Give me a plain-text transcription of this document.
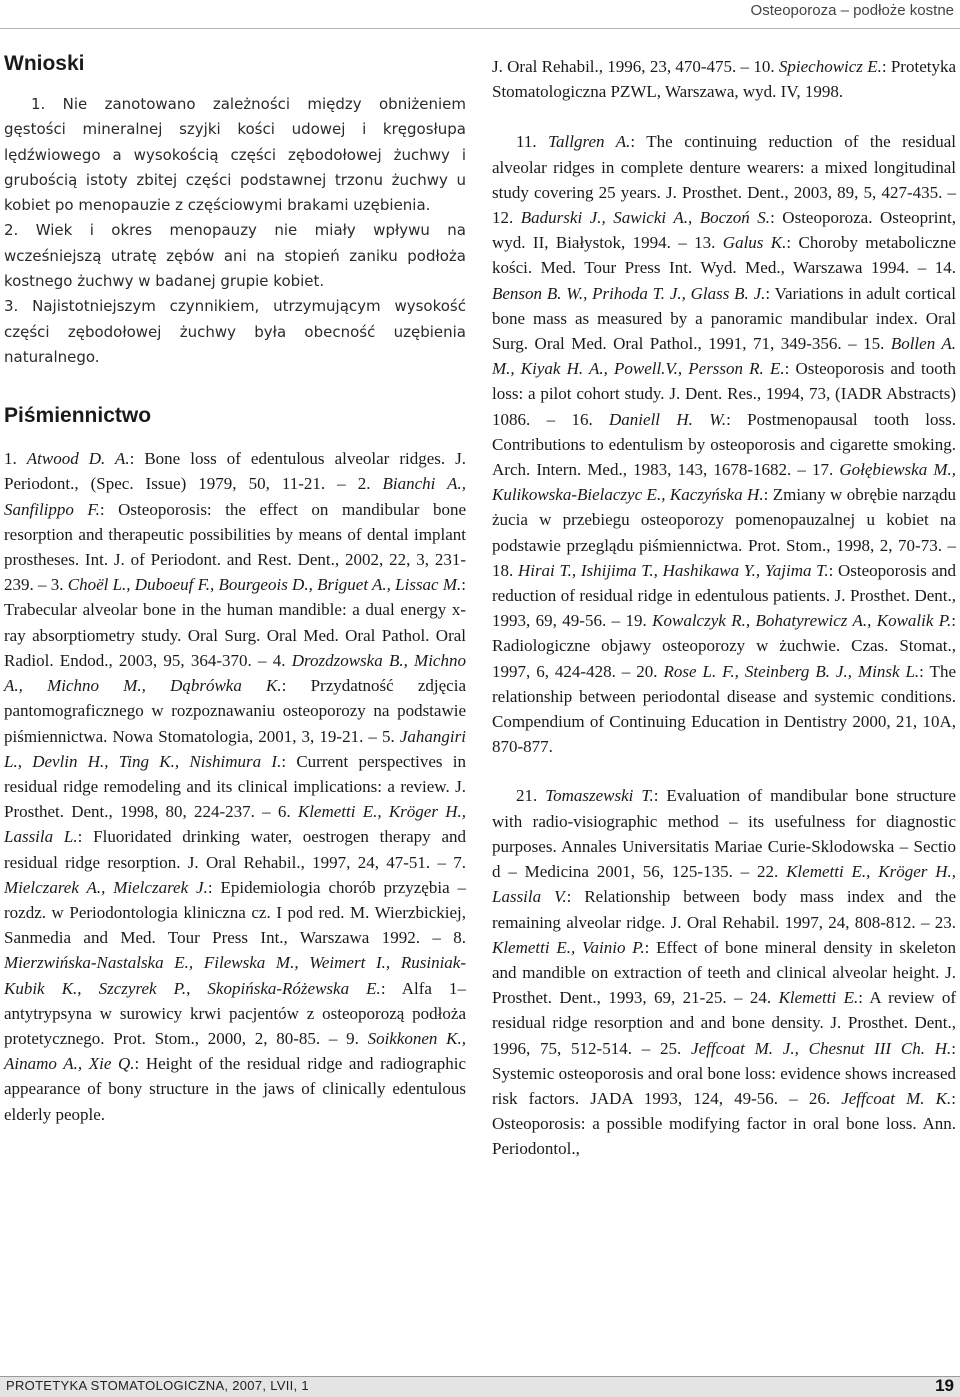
Osteoporoza – podłoże kostne
Wnioski

1. Nie zanotowano zależności między obniżeniem gęstości mineralnej szyjki kości udowej i kręgosłupa lędźwiowego a wysokością części zębodołowej żuchwy i grubością istoty zbitej części podstawnej trzonu żuchwy u kobiet po menopauzie z częściowymi brakami uzębienia.

2. Wiek i okres menopauzy nie miały wpływu na wcześniejszą utratę zębów ani na stopień zaniku podłoża kostnego żuchwy w badanej grupie kobiet.

3. Najistotniejszym czynnikiem, utrzymującym wysokość części zębodołowej żuchwy była obecność uzębienia naturalnego.

Piśmiennictwo

1. Atwood D. A.: Bone loss of edentulous alveolar ridges. J. Periodont., (Spec. Issue) 1979, 50, 11-21. – 2. Bianchi A., Sanfilippo F.: Osteoporosis: the effect on mandibular bone resorption and therapeutic possibilities by means of dental implant prostheses. Int. J. of Periodont. and Rest. Dent., 2002, 22, 3, 231-239. – 3. Choël L., Duboeuf F., Bourgeois D., Briguet A., Lissac M.: Trabecular alveolar bone in the human mandible: a dual energy x-ray absorptiometry study. Oral Surg. Oral Med. Oral Pathol. Oral Radiol. Endod., 2003, 95, 364-370. – 4. Drozdzowska B., Michno A., Michno M., Dąbrówka K.: Przydatność zdjęcia pantomograficznego w rozpoznawaniu osteoporozy na podstawie piśmiennictwa. Nowa Stomatologia, 2001, 3, 19-21. – 5. Jahangiri L., Devlin H., Ting K., Nishimura I.: Current perspectives in residual ridge remodeling and its clinical implications: a review. J. Prosthet. Dent., 1998, 80, 224-237. – 6. Klemetti E., Kröger H., Lassila L.: Fluoridated drinking water, oestrogen therapy and residual ridge resorption. J. Oral Rehabil., 1997, 24, 47-51. – 7. Mielczarek A., Mielczarek J.: Epidemiologia chorób przyzębia – rozdz. w Periodontologia kliniczna cz. I pod red. M. Wierzbickiej, Sanmedia and Med. Tour Press Int., Warszawa 1992. – 8. Mierzwińska-Nastalska E., Filewska M., Weimert I., Rusiniak-Kubik K., Szczyrek P., Skopińska-Różewska E.: Alfa 1– antytrypsyna w surowicy krwi pacjentów z osteoporozą podłoża protetycznego. Prot. Stom., 2000, 2, 80-85. – 9. Soikkonen K., Ainamo A., Xie Q.: Height of the residual ridge and radiographic appearance of bony structure in the jaws of clinically edentulous elderly people.

J. Oral Rehabil., 1996, 23, 470-475. – 10. Spiechowicz E.: Protetyka Stomatologiczna PZWL, Warszawa, wyd. IV, 1998.

11. Tallgren A.: The continuing reduction of the residual alveolar ridges in complete denture wearers: a mixed longitudinal study covering 25 years. J. Prosthet. Dent., 2003, 89, 5, 427-435. – 12. Badurski J., Sawicki A., Boczoń S.: Osteoporoza. Osteoprint, wyd. II, Białystok, 1994. – 13. Galus K.: Choroby metaboliczne kości. Med. Tour Press Int. Wyd. Med., Warszawa 1994. – 14. Benson B. W., Prihoda T. J., Glass B. J.: Variations in adult cortical bone mass as measured by a panoramic mandibular index. Oral Surg. Oral Med. Oral Pathol., 1991, 71, 349-356. – 15. Bollen A. M., Kiyak H. A., Powell.V., Persson R. E.: Osteoporosis and tooth loss: a pilot cohort study. J. Dent. Res., 1994, 73, (IADR Abstracts) 1086. – 16. Daniell H. W.: Postmenopausal tooth loss. Contributions to edentulism by osteoporosis and cigarette smoking. Arch. Intern. Med., 1983, 143, 1678-1682. – 17. Gołębiewska M., Kulikowska-Bielaczyc E., Kaczyńska H.: Zmiany w obrębie narządu żucia w przebiegu osteoporozy pomenopauzalnej u kobiet na podstawie przeglądu piśmiennictwa. Prot. Stom., 1998, 2, 70-73. – 18. Hirai T., Ishijima T., Hashikawa Y., Yajima T.: Osteoporosis and reduction of residual ridge in edentulous patients. J. Prosthet. Dent., 1993, 69, 49-56. – 19. Kowalczyk R., Bohatyrewicz A., Kowalik P.: Radiologiczne objawy osteoporozy w żuchwie. Czas. Stomat., 1997, 6, 424-428. – 20. Rose L. F., Steinberg B. J., Minsk L.: The relationship between periodontal disease and systemic conditions. Compendium of Continuing Education in Dentistry 2000, 21, 10A, 870-877.

21. Tomaszewski T.: Evaluation of mandibular bone structure with radio-visiographic method – its usefulness for diagnostic purposes. Annales Universitatis Mariae Curie-Sklodowska – Sectio d – Medicina 2001, 56, 125-135. – 22. Klemetti E., Kröger H., Lassila V.: Relationship between body mass index and the remaining alveolar ridge. J. Oral Rehabil. 1997, 24, 808-812. – 23. Klemetti E., Vainio P.: Effect of bone mineral density in skeleton and mandible on extraction of teeth and clinical alveolar height. J. Prosthet. Dent., 1993, 69, 21-25. – 24. Klemetti E.: A review of residual ridge resorption and and bone density. J. Prosthet. Dent., 1996, 75, 512-514. – 25. Jeffcoat M. J., Chesnut III Ch. H.: Systemic osteoporosis and oral bone loss: evidence shows increased risk factors. JADA 1993, 124, 49-56. – 26. Jeffcoat M. K.: Osteoporosis: a possible modifying factor in oral bone loss. Ann. Periodontol.,

PROTETYKA STOMATOLOGICZNA, 2007, LVII, 1	19
